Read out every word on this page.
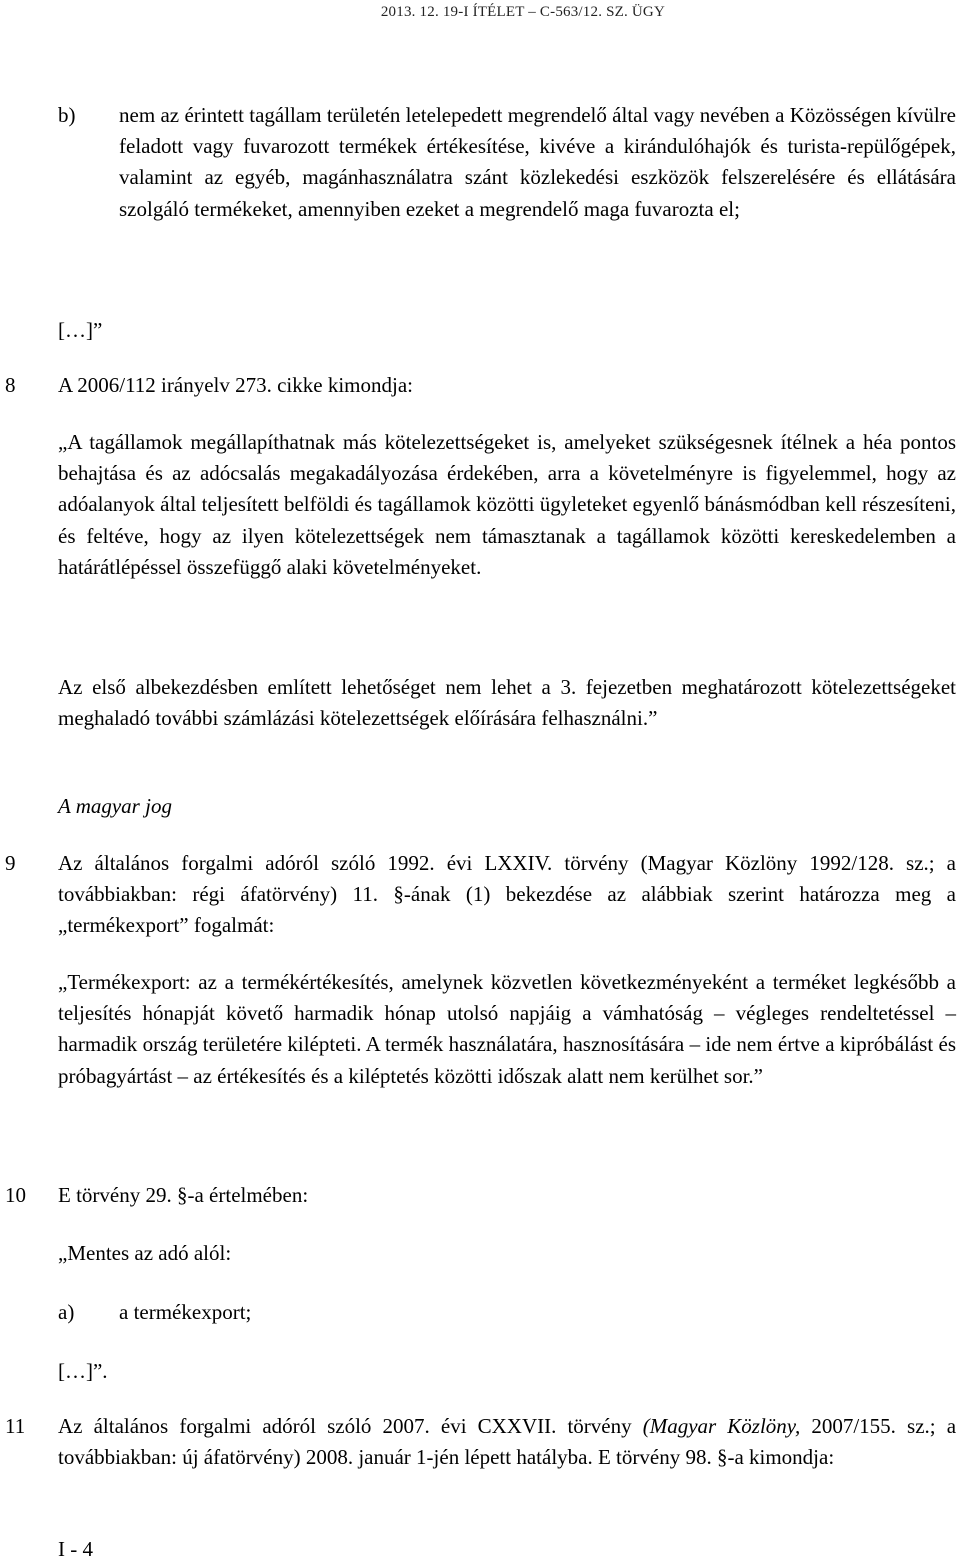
2013. 12. 19-I ÍTÉLET – C-563/12. SZ. ÜGY
b) nem az érintett tagállam területén letelepedett megrendelő által vagy nevében a Közösségen kívülre feladott vagy fuvarozott termékek értékesítése, kivéve a kirándulóhajók és turista-repülőgépek, valamint az egyéb, magánhasználatra szánt közlekedési eszközök felszerelésére és ellátására szolgáló termékeket, amennyiben ezeket a megrendelő maga fuvarozta el;
[…]”
8 A 2006/112 irányelv 273. cikke kimondja:
„A tagállamok megállapíthatnak más kötelezettségeket is, amelyeket szükségesnek ítélnek a héa pontos behajtása és az adócsalás megakadályozása érdekében, arra a követelményre is figyelemmel, hogy az adóalanyok által teljesített belföldi és tagállamok közötti ügyleteket egyenlő bánásmódban kell részesíteni, és feltéve, hogy az ilyen kötelezettségek nem támasztanak a tagállamok közötti kereskedelemben a határátlépéssel összefüggő alaki követelményeket.
Az első albekezdésben említett lehetőséget nem lehet a 3. fejezetben meghatározott kötelezettségeket meghaladó további számlázási kötelezettségek előírására felhasználni.”
A magyar jog
9 Az általános forgalmi adóról szóló 1992. évi LXXIV. törvény (Magyar Közlöny 1992/128. sz.; a továbbiakban: régi áfatörvény) 11. §-ának (1) bekezdése az alábbiak szerint határozza meg a „termékexport” fogalmát:
„Termékexport: az a termékértékesítés, amelynek közvetlen következményeként a terméket legkésőbb a teljesítés hónapját követő harmadik hónap utolsó napjáig a vámhatóság – végleges rendeltetéssel – harmadik ország területére kilépteti. A termék használatára, hasznosítására – ide nem értve a kipróbálást és próbagyártást – az értékesítés és a kiléptetés közötti időszak alatt nem kerülhet sor.”
10 E törvény 29. §-a értelmében:
„Mentes az adó alól:
a) a termékexport;
[…]”.
11 Az általános forgalmi adóról szóló 2007. évi CXXVII. törvény (Magyar Közlöny, 2007/155. sz.; a továbbiakban: új áfatörvény) 2008. január 1-jén lépett hatályba. E törvény 98. §-a kimondja:
I - 4
